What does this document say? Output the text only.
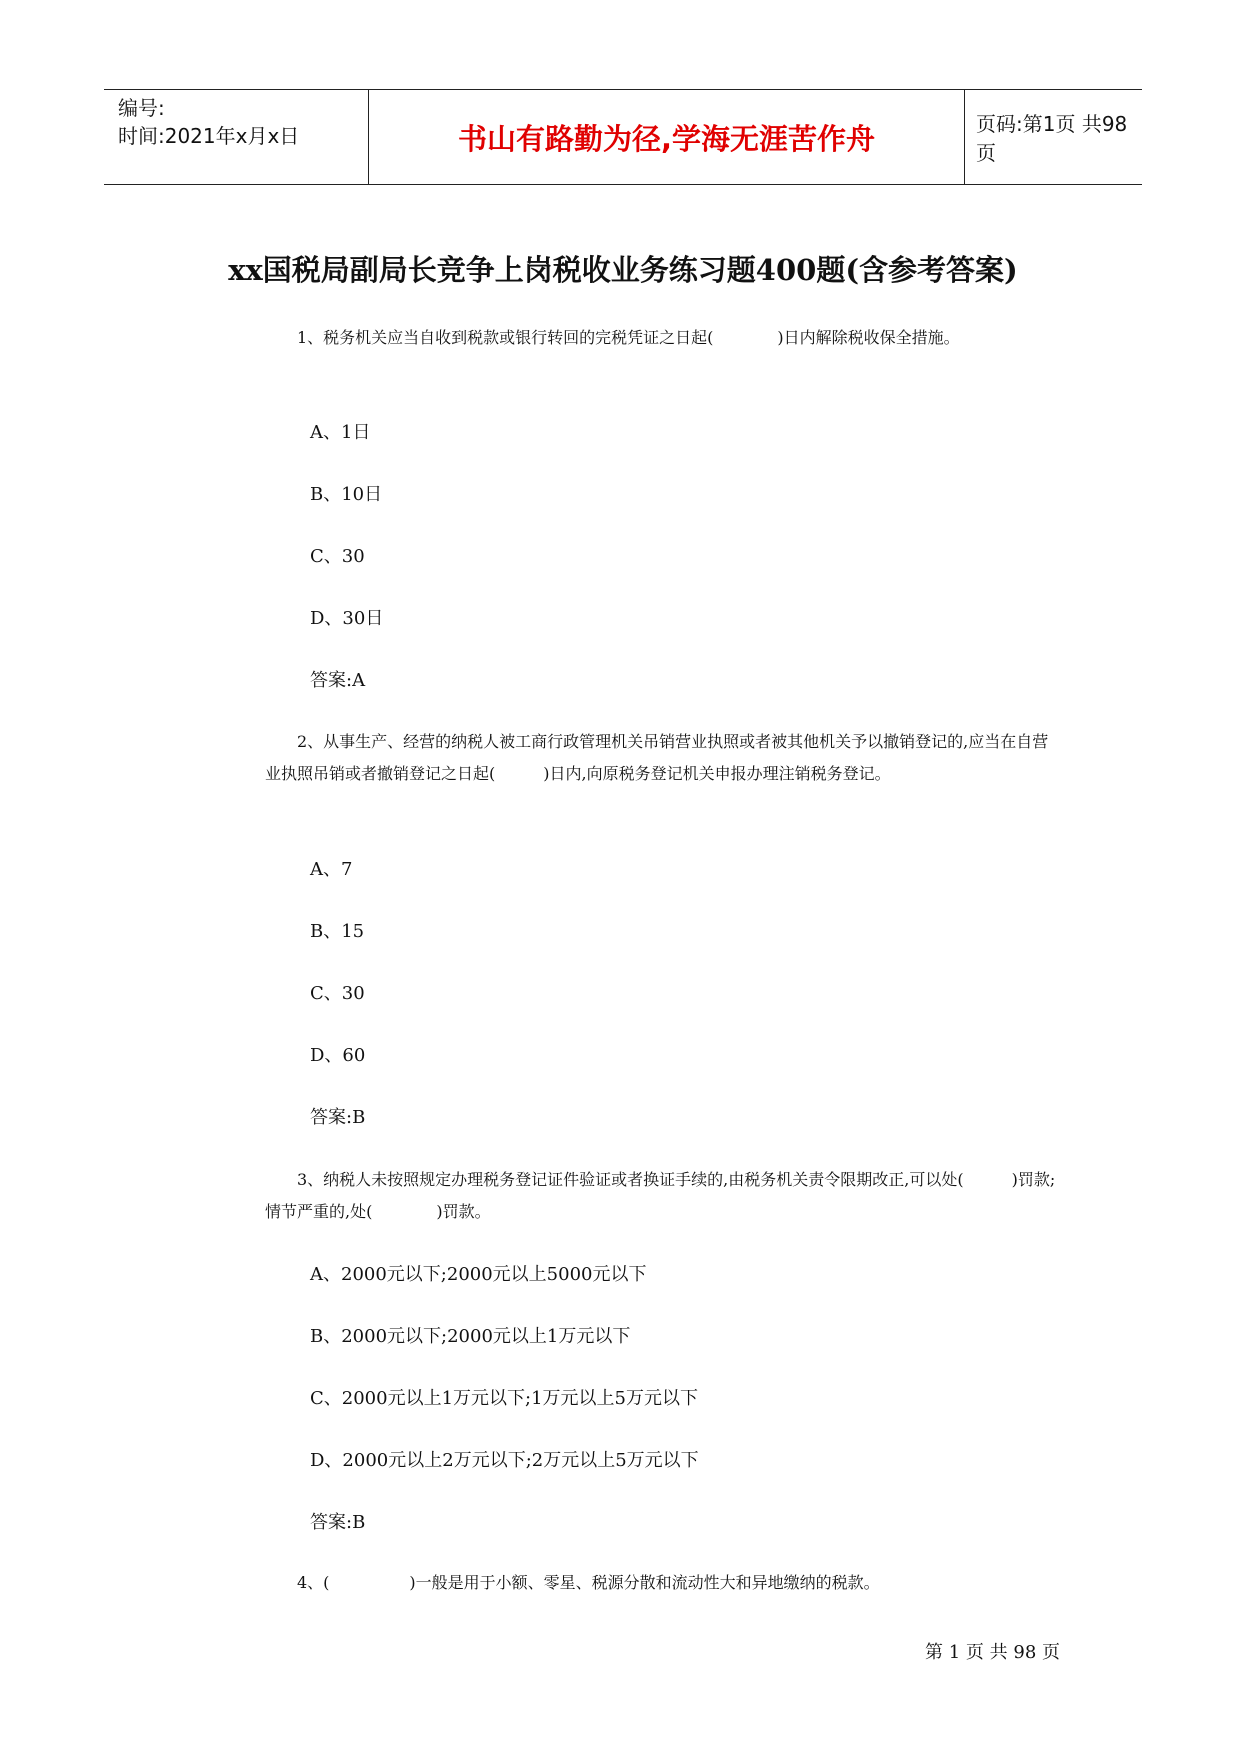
编号:
时间:2021年x月x日	书山有路勤为径,学海无涯苦作舟	页码:第1页 共98页
xx国税局副局长竞争上岗税收业务练习题400题(含参考答案)

1、税务机关应当自收到税款或银行转回的完税凭证之日起(　　　　)日内解除税收保全措施。

A、1日
B、10日
C、30
D、30日
答案:A

2、从事生产、经营的纳税人被工商行政管理机关吊销营业执照或者被其他机关予以撤销登记的,应当在自营业执照吊销或者撤销登记之日起(　　　)日内,向原税务登记机关申报办理注销税务登记。

A、7
B、15
C、30
D、60
答案:B

3、纳税人未按照规定办理税务登记证件验证或者换证手续的,由税务机关责令限期改正,可以处(　　　)罚款;情节严重的,处(　　　　)罚款。

A、2000元以下;2000元以上5000元以下
B、2000元以下;2000元以上1万元以下
C、2000元以上1万元以下;1万元以上5万元以下
D、2000元以上2万元以下;2万元以上5万元以下
答案:B

4、(　　　　　)一般是用于小额、零星、税源分散和流动性大和异地缴纳的税款。

第 1 页 共 98 页
